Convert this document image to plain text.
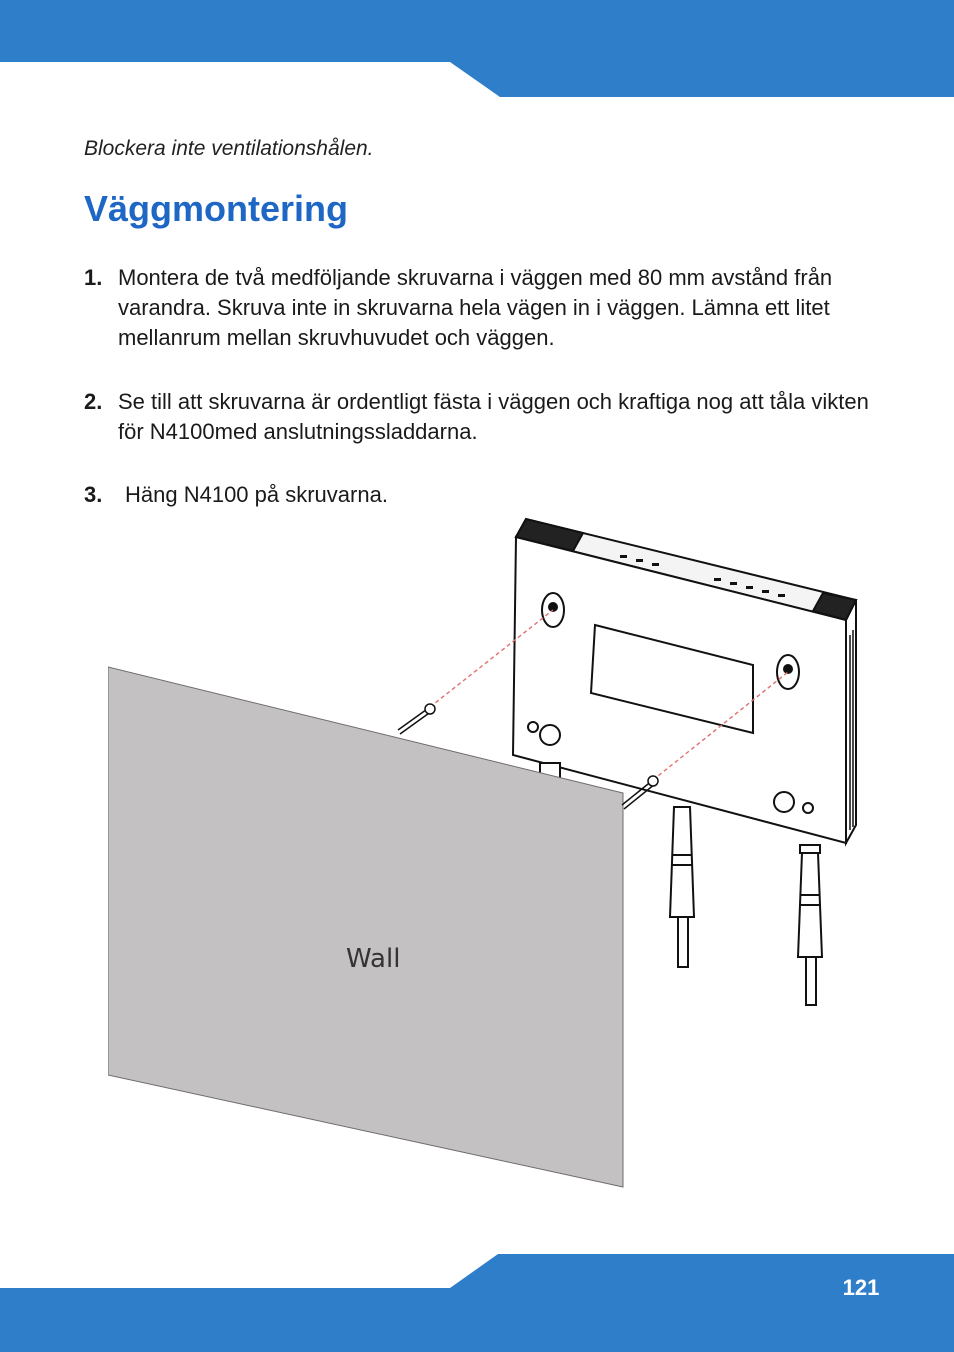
Blockera inte ventilationshålen.
Väggmontering
1. Montera de två medföljande skruvarna i väggen med 80 mm avstånd från varandra. Skruva inte in skruvarna hela vägen in i väggen. Lämna ett litet mellanrum mellan skruvhuvudet och väggen.
2. Se till att skruvarna är ordentligt fästa i väggen och kraftiga nog att tåla vikten för N4100med anslutningssladdarna.
3. Häng N4100 på skruvarna.
Wall
121
